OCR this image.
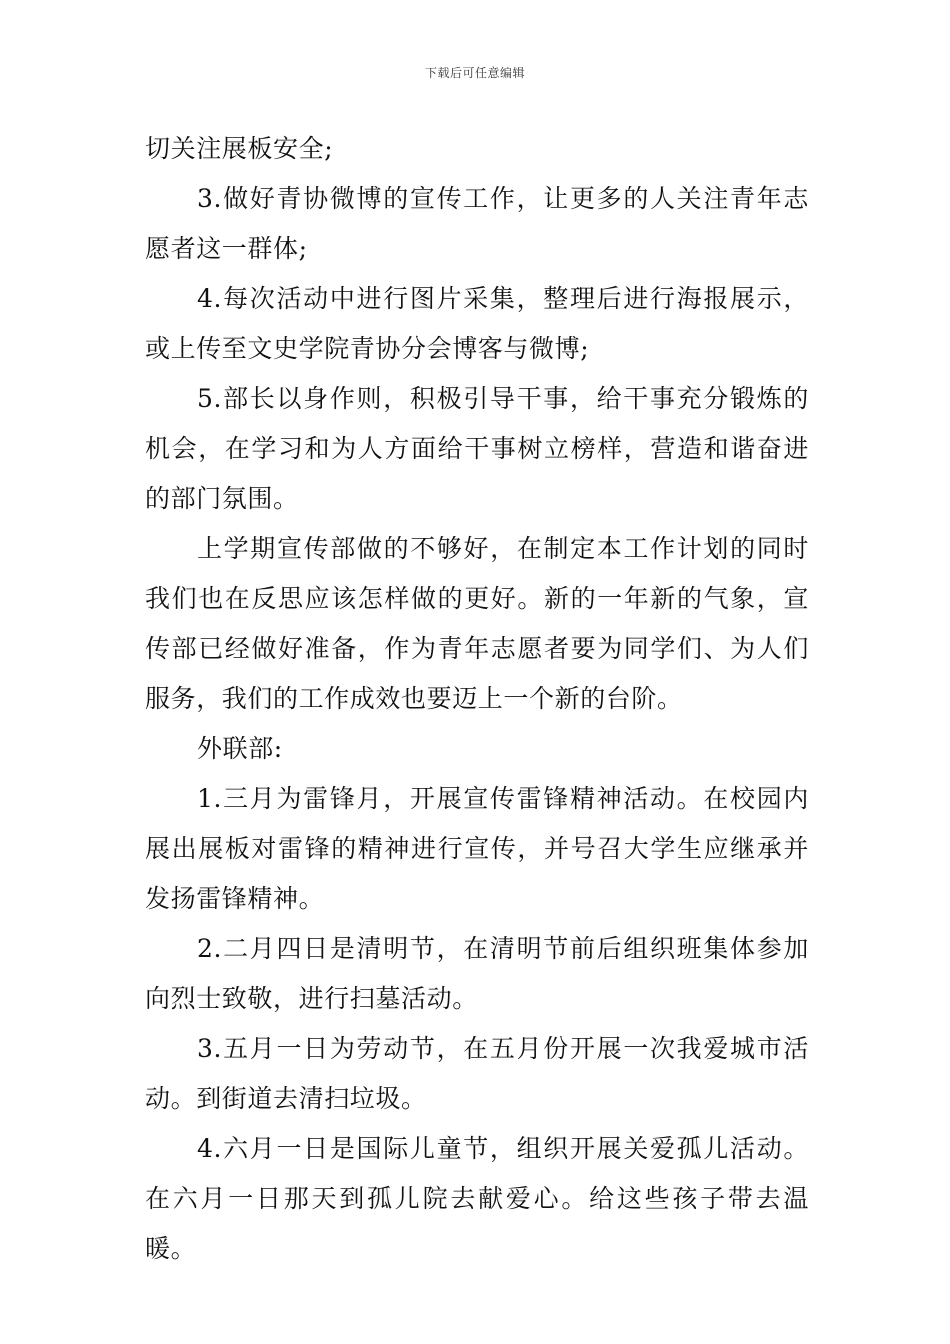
下载后可任意编辑

切关注展板安全;

3.做好青协微博的宣传工作，让更多的人关注青年志愿者这一群体;

4.每次活动中进行图片采集，整理后进行海报展示，或上传至文史学院青协分会博客与微博;

5.部长以身作则，积极引导干事，给干事充分锻炼的机会，在学习和为人方面给干事树立榜样，营造和谐奋进的部门氛围。

上学期宣传部做的不够好，在制定本工作计划的同时我们也在反思应该怎样做的更好。新的一年新的气象，宣传部已经做好准备，作为青年志愿者要为同学们、为人们服务，我们的工作成效也要迈上一个新的台阶。

外联部:

1.三月为雷锋月，开展宣传雷锋精神活动。在校园内展出展板对雷锋的精神进行宣传，并号召大学生应继承并发扬雷锋精神。

2.二月四日是清明节，在清明节前后组织班集体参加向烈士致敬，进行扫墓活动。

3.五月一日为劳动节，在五月份开展一次我爱城市活动。到街道去清扫垃圾。

4.六月一日是国际儿童节，组织开展关爱孤儿活动。在六月一日那天到孤儿院去献爱心。给这些孩子带去温暖。
